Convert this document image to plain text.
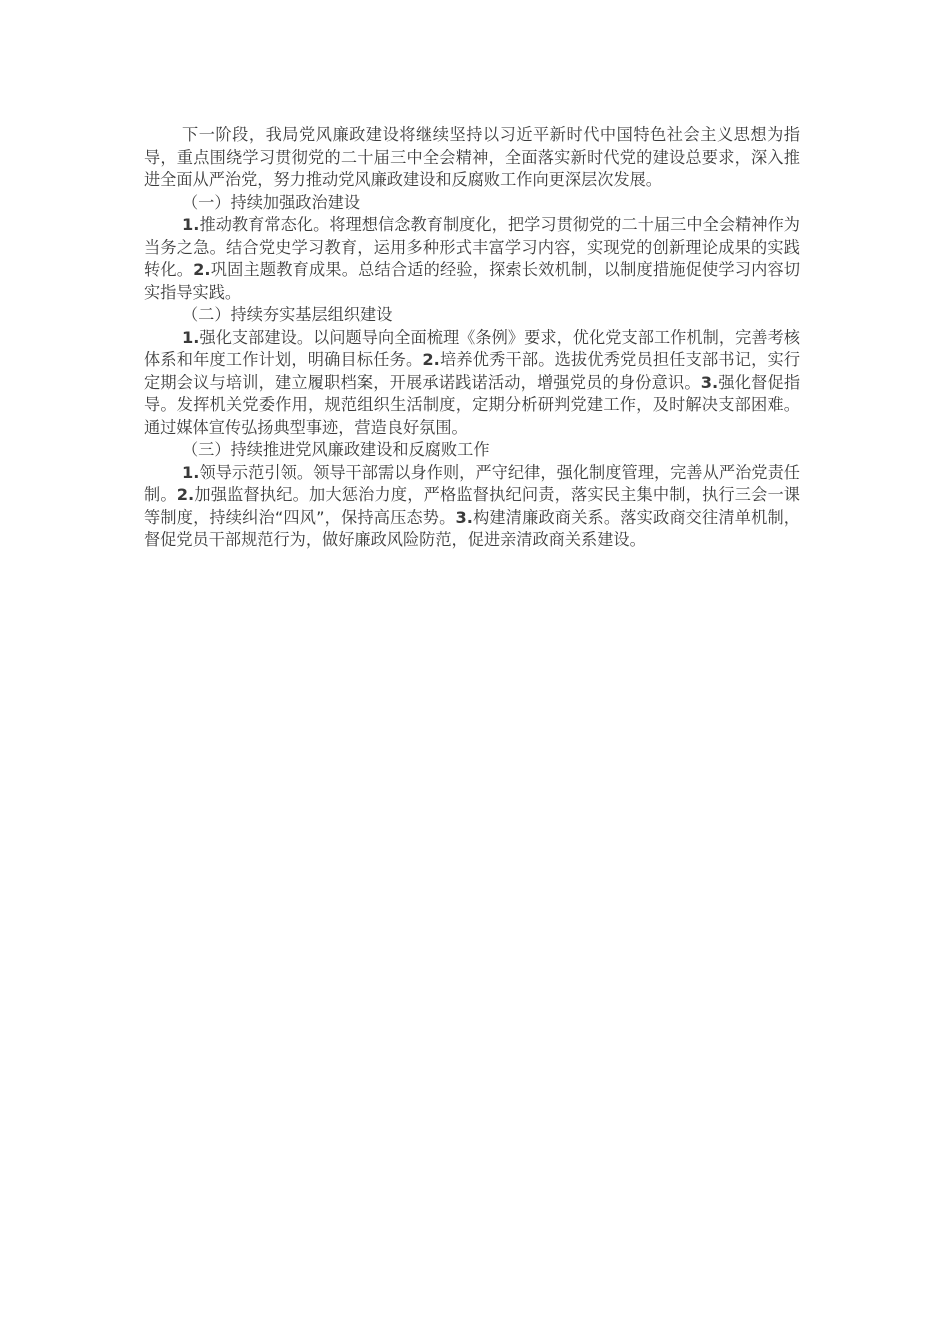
下一阶段，我局党风廉政建设将继续坚持以习近平新时代中国特色社会主义思想为指导，重点围绕学习贯彻党的二十届三中全会精神，全面落实新时代党的建设总要求，深入推进全面从严治党，努力推动党风廉政建设和反腐败工作向更深层次发展。

（一）持续加强政治建设

1.推动教育常态化。将理想信念教育制度化，把学习贯彻党的二十届三中全会精神作为当务之急。结合党史学习教育，运用多种形式丰富学习内容，实现党的创新理论成果的实践转化。2.巩固主题教育成果。总结合适的经验，探索长效机制，以制度措施促使学习内容切实指导实践。

（二）持续夯实基层组织建设

1.强化支部建设。以问题导向全面梳理《条例》要求，优化党支部工作机制，完善考核体系和年度工作计划，明确目标任务。2.培养优秀干部。选拔优秀党员担任支部书记，实行定期会议与培训，建立履职档案，开展承诺践诺活动，增强党员的身份意识。3.强化督促指导。发挥机关党委作用，规范组织生活制度，定期分析研判党建工作，及时解决支部困难。通过媒体宣传弘扬典型事迹，营造良好氛围。

（三）持续推进党风廉政建设和反腐败工作

1.领导示范引领。领导干部需以身作则，严守纪律，强化制度管理，完善从严治党责任制。2.加强监督执纪。加大惩治力度，严格监督执纪问责，落实民主集中制，执行三会一课等制度，持续纠治“四风”，保持高压态势。3.构建清廉政商关系。落实政商交往清单机制，督促党员干部规范行为，做好廉政风险防范，促进亲清政商关系建设。
